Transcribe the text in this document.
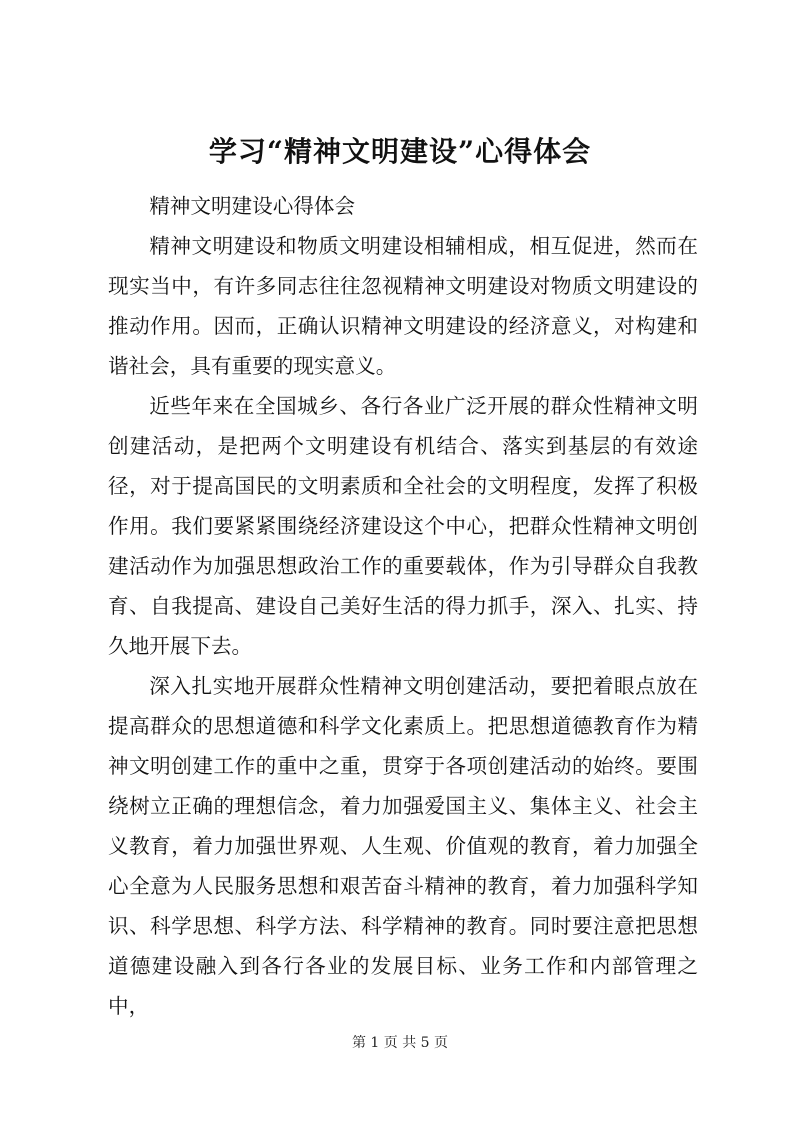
学习“精神文明建设”心得体会

精神文明建设心得体会

精神文明建设和物质文明建设相辅相成，相互促进，然而在现实当中，有许多同志往往忽视精神文明建设对物质文明建设的推动作用。因而，正确认识精神文明建设的经济意义，对构建和谐社会，具有重要的现实意义。

近些年来在全国城乡、各行各业广泛开展的群众性精神文明创建活动，是把两个文明建设有机结合、落实到基层的有效途径，对于提高国民的文明素质和全社会的文明程度，发挥了积极作用。我们要紧紧围绕经济建设这个中心，把群众性精神文明创建活动作为加强思想政治工作的重要载体，作为引导群众自我教育、自我提高、建设自己美好生活的得力抓手，深入、扎实、持久地开展下去。

深入扎实地开展群众性精神文明创建活动，要把着眼点放在提高群众的思想道德和科学文化素质上。把思想道德教育作为精神文明创建工作的重中之重，贯穿于各项创建活动的始终。要围绕树立正确的理想信念，着力加强爱国主义、集体主义、社会主义教育，着力加强世界观、人生观、价值观的教育，着力加强全心全意为人民服务思想和艰苦奋斗精神的教育，着力加强科学知识、科学思想、科学方法、科学精神的教育。同时要注意把思想道德建设融入到各行各业的发展目标、业务工作和内部管理之中，

第 1 页 共 5 页
